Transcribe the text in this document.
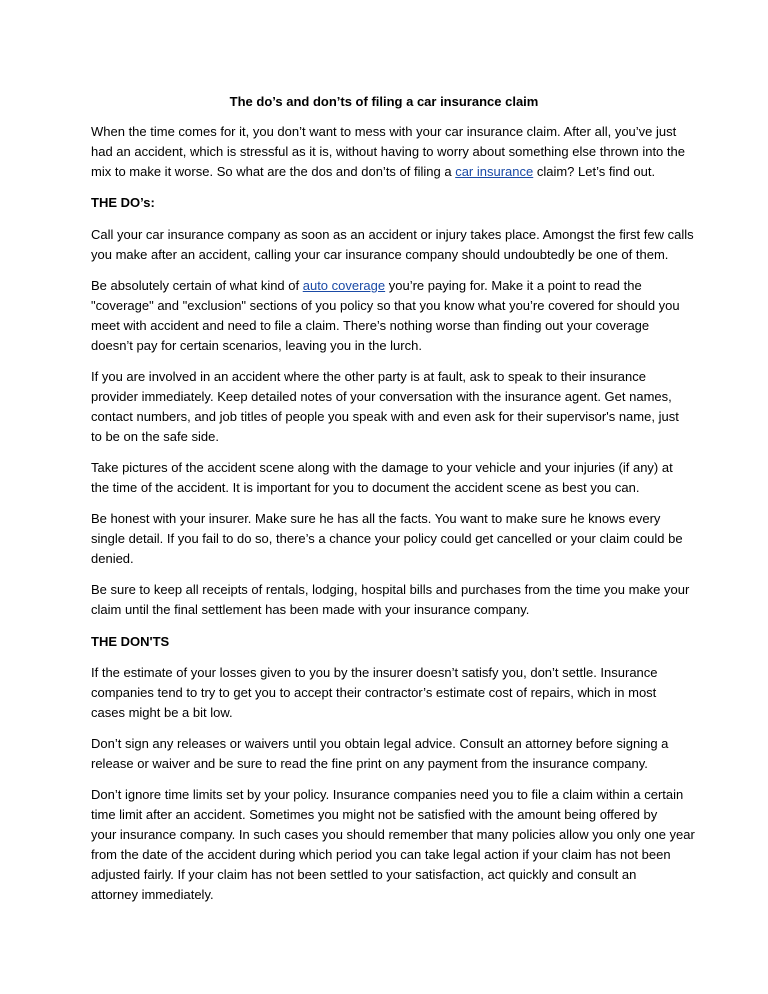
The do’s and don’ts of filing a car insurance claim
When the time comes for it, you don’t want to mess with your car insurance claim. After all, you’ve just
had an accident, which is stressful as it is, without having to worry about something else thrown into the
mix to make it worse. So what are the dos and don’ts of filing a car insurance claim? Let’s find out.
THE DO’s:
Call your car insurance company as soon as an accident or injury takes place. Amongst the first few calls
you make after an accident, calling your car insurance company should undoubtedly be one of them.
Be absolutely certain of what kind of auto coverage you’re paying for. Make it a point to read the
"coverage" and "exclusion" sections of you policy so that you know what you’re covered for should you
meet with accident and need to file a claim. There’s nothing worse than finding out your coverage
doesn’t pay for certain scenarios, leaving you in the lurch.
If you are involved in an accident where the other party is at fault, ask to speak to their insurance
provider immediately. Keep detailed notes of your conversation with the insurance agent. Get names,
contact numbers, and job titles of people you speak with and even ask for their supervisor's name, just
to be on the safe side.
Take pictures of the accident scene along with the damage to your vehicle and your injuries (if any) at
the time of the accident. It is important for you to document the accident scene as best you can.
Be honest with your insurer. Make sure he has all the facts. You want to make sure he knows every
single detail. If you fail to do so, there’s a chance your policy could get cancelled or your claim could be
denied.
Be sure to keep all receipts of rentals, lodging, hospital bills and purchases from the time you make your
claim until the final settlement has been made with your insurance company.
THE DON'TS
If the estimate of your losses given to you by the insurer doesn’t satisfy you, don’t settle. Insurance
companies tend to try to get you to accept their contractor’s estimate cost of repairs, which in most
cases might be a bit low.
Don’t sign any releases or waivers until you obtain legal advice. Consult an attorney before signing a
release or waiver and be sure to read the fine print on any payment from the insurance company.
Don’t ignore time limits set by your policy. Insurance companies need you to file a claim within a certain
time limit after an accident. Sometimes you might not be satisfied with the amount being offered by
your insurance company. In such cases you should remember that many policies allow you only one year
from the date of the accident during which period you can take legal action if your claim has not been
adjusted fairly. If your claim has not been settled to your satisfaction, act quickly and consult an
attorney immediately.
